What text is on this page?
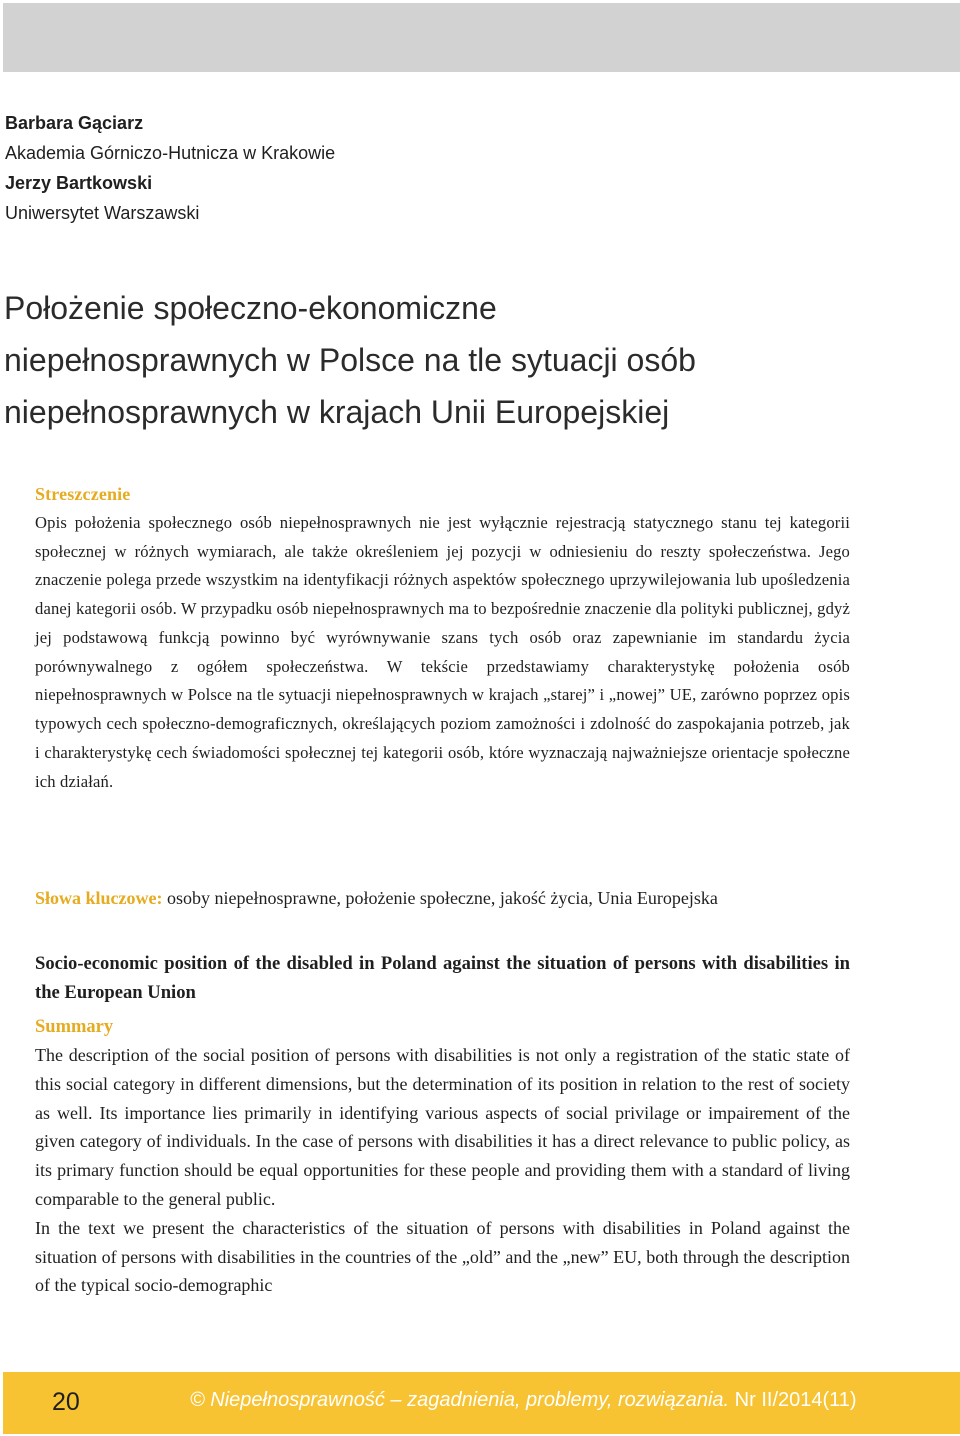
Barbara Gąciarz
Akademia Górniczo-Hutnicza w Krakowie
Jerzy Bartkowski
Uniwersytet Warszawski
Położenie społeczno-ekonomiczne
niepełnosprawnych w Polsce na tle sytuacji osób
niepełnosprawnych w krajach Unii Europejskiej
Streszczenie
Opis położenia społecznego osób niepełnosprawnych nie jest wyłącznie rejestracją statycznego stanu tej kategorii społecznej w różnych wymiarach, ale także określeniem jej pozycji w odniesieniu do reszty społeczeństwa. Jego znaczenie polega przede wszystkim na identyfikacji różnych aspektów społecznego uprzywilejowania lub upośledzenia danej kategorii osób. W przypadku osób niepełnosprawnych ma to bezpośrednie znaczenie dla polityki publicznej, gdyż jej podstawową funkcją powinno być wyrównywanie szans tych osób oraz zapewnianie im standardu życia porównywalnego z ogółem społeczeństwa. W tekście przedstawiamy charakterystykę położenia osób niepełnosprawnych w Polsce na tle sytuacji niepełnosprawnych w krajach „starej” i „nowej” UE, zarówno poprzez opis typowych cech społeczno-demograficznych, określających poziom zamożności i zdolność do zaspokajania potrzeb, jak i charakterystykę cech świadomości społecznej tej kategorii osób, które wyznaczają najważniejsze orientacje społeczne ich działań.
Słowa kluczowe: osoby niepełnosprawne, położenie społeczne, jakość życia, Unia Europejska
Socio-economic position of the disabled in Poland against the situation of persons with disabilities in the European Union
Summary

The description of the social position of persons with disabilities is not only a registration of the static state of this social category in different dimensions, but the determination of its position in relation to the rest of society as well. Its importance lies primarily in identifying various aspects of social privilage or impairement of the given category of individuals. In the case of persons with disabilities it has a direct relevance to public policy, as its primary function should be equal opportunities for these people and providing them with a standard of living comparable to the general public.

In the text we present the characteristics of the situation of persons with disabilities in Poland against the situation of persons with disabilities in the countries of the „old” and the „new” EU, both through the description of the typical socio-demographic

20	© Niepełnosprawność – zagadnienia, problemy, rozwiązania. Nr II/2014(11)
